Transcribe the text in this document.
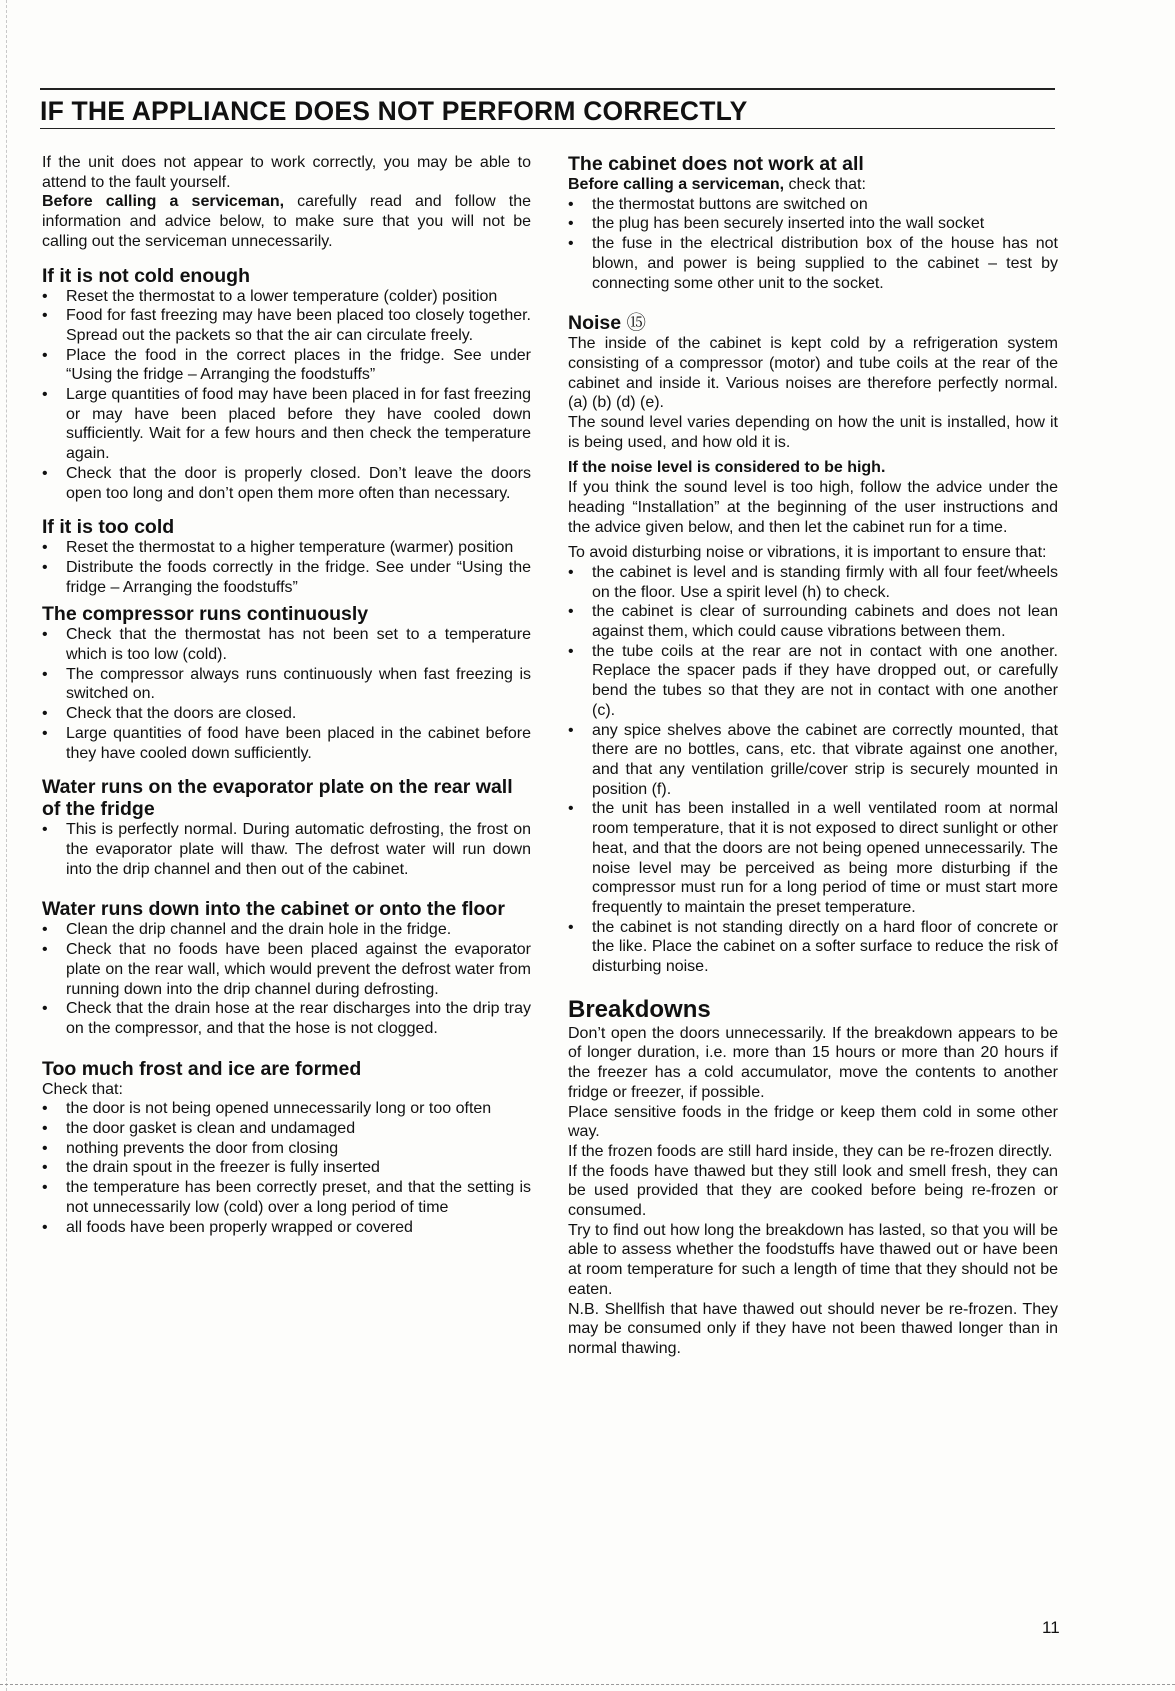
IF THE APPLIANCE DOES NOT PERFORM CORRECTLY

If the unit does not appear to work correctly, you may be able to attend to the fault yourself.

Before calling a serviceman, carefully read and follow the information and advice below, to make sure that you will not be calling out the serviceman unnecessarily.

If it is not cold enough
• Reset the thermostat to a lower temperature (colder) position
• Food for fast freezing may have been placed too closely together. Spread out the packets so that the air can circulate freely.
• Place the food in the correct places in the fridge. See under “Using the fridge – Arranging the foodstuffs”
• Large quantities of food may have been placed in for fast freezing or may have been placed before they have cooled down sufficiently. Wait for a few hours and then check the temperature again.
• Check that the door is properly closed. Don’t leave the doors open too long and don’t open them more often than necessary.
If it is too cold
• Reset the thermostat to a higher temperature (warmer) position
• Distribute the foods correctly in the fridge. See under “Using the fridge – Arranging the foodstuffs”
The compressor runs continuously
• Check that the thermostat has not been set to a temperature which is too low (cold).
• The compressor always runs continuously when fast freezing is switched on.
• Check that the doors are closed.
• Large quantities of food have been placed in the cabinet before they have cooled down sufficiently.
Water runs on the evaporator plate on the rear wall of the fridge
• This is perfectly normal. During automatic defrosting, the frost on the evaporator plate will thaw. The defrost water will run down into the drip channel and then out of the cabinet.
Water runs down into the cabinet or onto the floor
• Clean the drip channel and the drain hole in the fridge.
• Check that no foods have been placed against the evaporator plate on the rear wall, which would prevent the defrost water from running down into the drip channel during defrosting.
• Check that the drain hose at the rear discharges into the drip tray on the compressor, and that the hose is not clogged.
Too much frost and ice are formed

Check that:

• the door is not being opened unnecessarily long or too often
• the door gasket is clean and undamaged
• nothing prevents the door from closing
• the drain spout in the freezer is fully inserted
• the temperature has been correctly preset, and that the setting is not unnecessarily low (cold) over a long period of time
• all foods have been properly wrapped or covered
The cabinet does not work at all

Before calling a serviceman, check that:

• the thermostat buttons are switched on
• the plug has been securely inserted into the wall socket
• the fuse in the electrical distribution box of the house has not blown, and power is being supplied to the cabinet – test by connecting some other unit to the socket.
Noise ⑮

The inside of the cabinet is kept cold by a refrigeration system consisting of a compressor (motor) and tube coils at the rear of the cabinet and inside it. Various noises are therefore perfectly normal. (a) (b) (d) (e).

The sound level varies depending on how the unit is installed, how it is being used, and how old it is.

If the noise level is considered to be high.

If you think the sound level is too high, follow the advice under the heading “Installation” at the beginning of the user instructions and the advice given below, and then let the cabinet run for a time.

To avoid disturbing noise or vibrations, it is important to ensure that:

• the cabinet is level and is standing firmly with all four feet/wheels on the floor. Use a spirit level (h) to check.
• the cabinet is clear of surrounding cabinets and does not lean against them, which could cause vibrations between them.
• the tube coils at the rear are not in contact with one another. Replace the spacer pads if they have dropped out, or carefully bend the tubes so that they are not in contact with one another (c).
• any spice shelves above the cabinet are correctly mounted, that there are no bottles, cans, etc. that vibrate against one another, and that any ventilation grille/cover strip is securely mounted in position (f).
• the unit has been installed in a well ventilated room at normal room temperature, that it is not exposed to direct sunlight or other heat, and that the doors are not being opened unnecessarily. The noise level may be perceived as being more disturbing if the compressor must run for a long period of time or must start more frequently to maintain the preset temperature.
• the cabinet is not standing directly on a hard floor of concrete or the like. Place the cabinet on a softer surface to reduce the risk of disturbing noise.
Breakdowns

Don’t open the doors unnecessarily. If the breakdown appears to be of longer duration, i.e. more than 15 hours or more than 20 hours if the freezer has a cold accumulator, move the contents to another fridge or freezer, if possible.

Place sensitive foods in the fridge or keep them cold in some other way.

If the frozen foods are still hard inside, they can be re-frozen directly.

If the foods have thawed but they still look and smell fresh, they can be used provided that they are cooked before being re-frozen or consumed.

Try to find out how long the breakdown has lasted, so that you will be able to assess whether the foodstuffs have thawed out or have been at room temperature for such a length of time that they should not be eaten.

N.B. Shellfish that have thawed out should never be re-frozen. They may be consumed only if they have not been thawed longer than in normal thawing.

11
